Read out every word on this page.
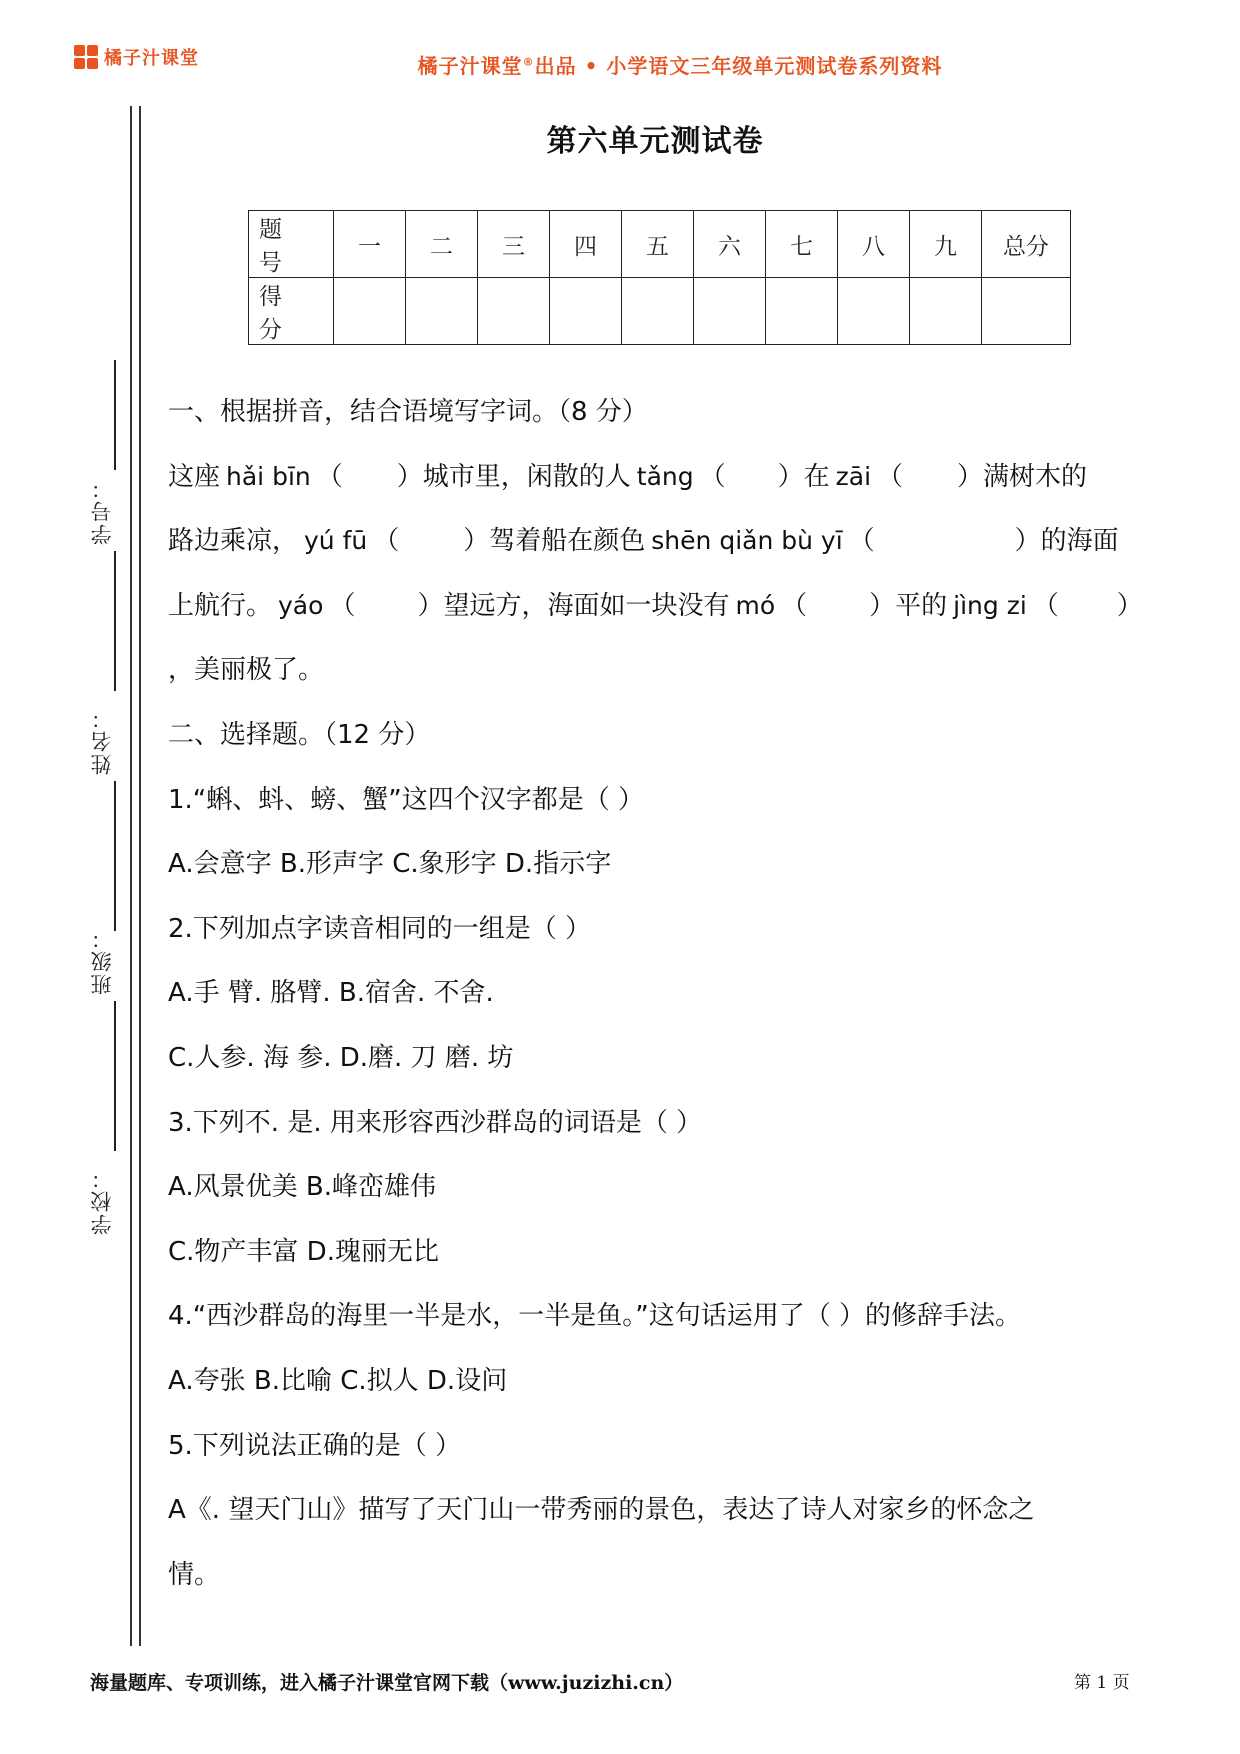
橘子汁课堂	橘子汁课堂®出品 • 小学语文三年级单元测试卷系列资料
学号：
姓名：
班级：
学校：
第六单元测试卷
题 号	一	二	三	四	五	六	七	八	九	总分
得 分										
一、根据拼音，结合语境写字词。（8 分）
这座 hǎi bīn （ ）城市里，闲散的人 tǎng （ ）在 zāi （ ）满树木的
路边乘凉， yú fū （ ）驾着船在颜色 shēn qiǎn bù yī （	）的海面
上航行。 yáo （ ）望远方，海面如一块没有 mó （ ）平的 jìng zi （ ）
，美丽极了。
二、选择题。（12 分）
1.“蝌、蚪、螃、蟹”这四个汉字都是（ ）
A.会意字 B.形声字 C.象形字 D.指示字
2.下列加点字读音相同的一组是（ ）
A.手 臂. 胳臂. B.宿舍. 不舍.
C.人参. 海 参. D.磨. 刀 磨. 坊
3.下列不. 是. 用来形容西沙群岛的词语是（ ）
A.风景优美 B.峰峦雄伟
C.物产丰富 D.瑰丽无比
4.“西沙群岛的海里一半是水，一半是鱼。”这句话运用了（ ）的修辞手法。
A.夸张 B.比喻 C.拟人 D.设问
5.下列说法正确的是（ ）
A《. 望天门山》描写了天门山一带秀丽的景色，表达了诗人对家乡的怀念之
情。
海量题库、专项训练，进入橘子汁课堂官网下载（www.juzizhi.cn）	第 1 页
